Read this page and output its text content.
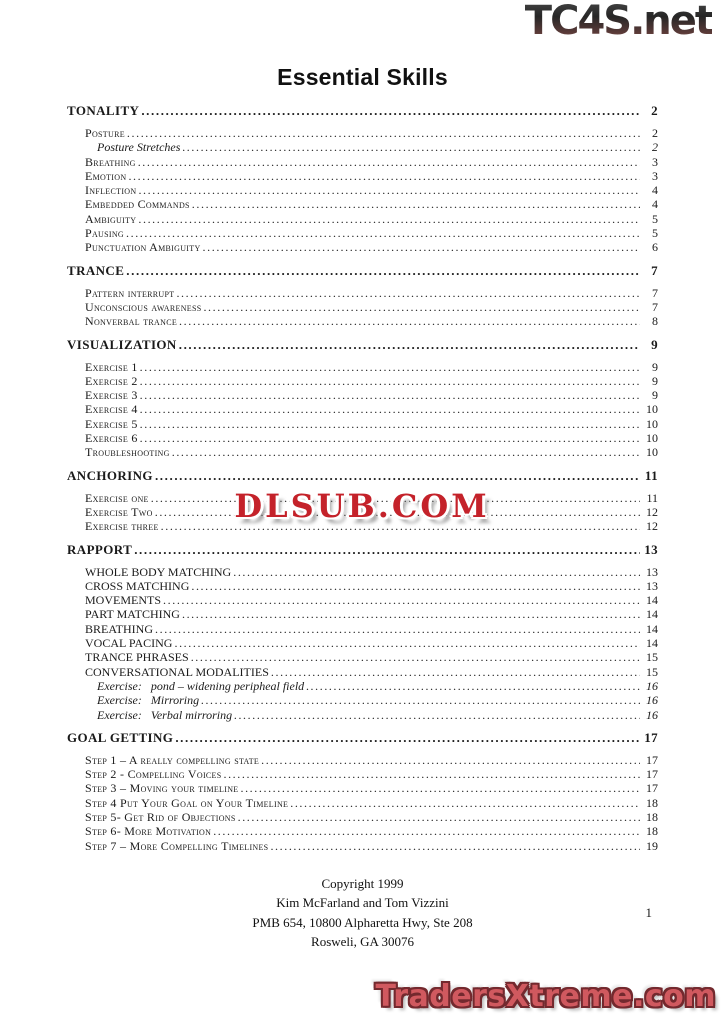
TC4S.net
Essential Skills
TONALITY .....	2
Posture .....	2
Posture Stretches .....	2
Breathing .....	3
Emotion .....	3
Inflection .....	4
Embedded Commands .....	4
Ambiguity .....	5
Pausing .....	5
Punctuation Ambiguity .....	6
TRANCE .....	7
Pattern interrupt .....	7
Unconscious awareness .....	7
Nonverbal trance .....	8
VISUALIZATION .....	9
Exercise 1 .....	9
Exercise 2 .....	9
Exercise 3 .....	9
Exercise 4 .....	10
Exercise 5 .....	10
Exercise 6 .....	10
Troubleshooting .....	10
ANCHORING .....	11
Exercise one .....	11
Exercise Two .....	12
Exercise three .....	12
RAPPORT .....	13
WHOLE BODY MATCHING .....	13
CROSS MATCHING .....	13
MOVEMENTS .....	14
PART MATCHING .....	14
BREATHING .....	14
VOCAL PACING .....	14
TRANCE PHRASES .....	15
CONVERSATIONAL MODALITIES .....	15
Exercise:   pond – widening peripheal field .....	16
Exercise:   Mirroring .....	16
Exercise:   Verbal mirroring .....	16
GOAL GETTING .....	17
Step 1 – A really compelling state .....	17
Step 2 - Compelling Voices .....	17
Step 3 – Moving your timeline .....	17
Step 4 Put Your Goal on Your Timeline .....	18
Step 5- Get Rid of Objections .....	18
Step 6- More Motivation .....	18
Step 7 – More Compelling Timelines .....	19
Copyright 1999
Kim McFarland and Tom Vizzini
PMB 654, 10800 Alpharetta Hwy, Ste 208
Rosweli, GA 30076
1
DLSUB.COM
TradersXtreme.com
